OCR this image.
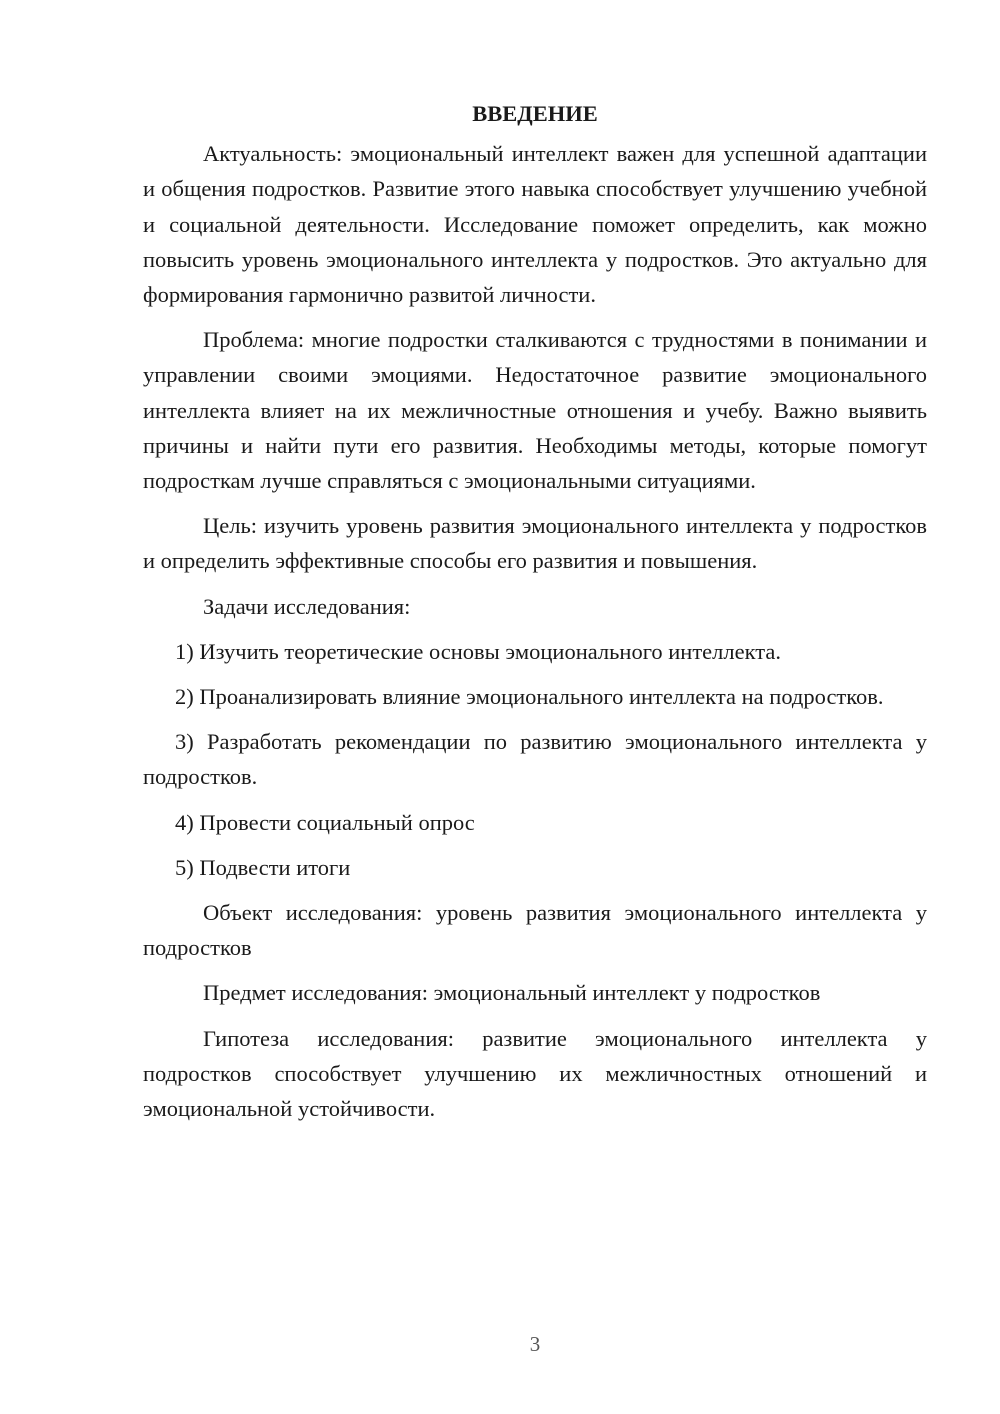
ВВЕДЕНИЕ

Актуальность: эмоциональный интеллект важен для успешной адаптации и общения подростков. Развитие этого навыка способствует улучшению учебной и социальной деятельности. Исследование поможет определить, как можно повысить уровень эмоционального интеллекта у подростков. Это актуально для формирования гармонично развитой личности.

Проблема: многие подростки сталкиваются с трудностями в понимании и управлении своими эмоциями. Недостаточное развитие эмоционального интеллекта влияет на их межличностные отношения и учебу. Важно выявить причины и найти пути его развития. Необходимы методы, которые помогут подросткам лучше справляться с эмоциональными ситуациями.

Цель: изучить уровень развития эмоционального интеллекта у подростков и определить эффективные способы его развития и повышения.

Задачи исследования:

1) Изучить теоретические основы эмоционального интеллекта.

2) Проанализировать влияние эмоционального интеллекта на подростков.

3) Разработать рекомендации по развитию эмоционального интеллекта у подростков.

4) Провести социальный опрос

5) Подвести итоги

Объект исследования: уровень развития эмоционального интеллекта у подростков

Предмет исследования: эмоциональный интеллект у подростков

Гипотеза исследования: развитие эмоционального интеллекта у подростков способствует улучшению их межличностных отношений и эмоциональной устойчивости.

3
